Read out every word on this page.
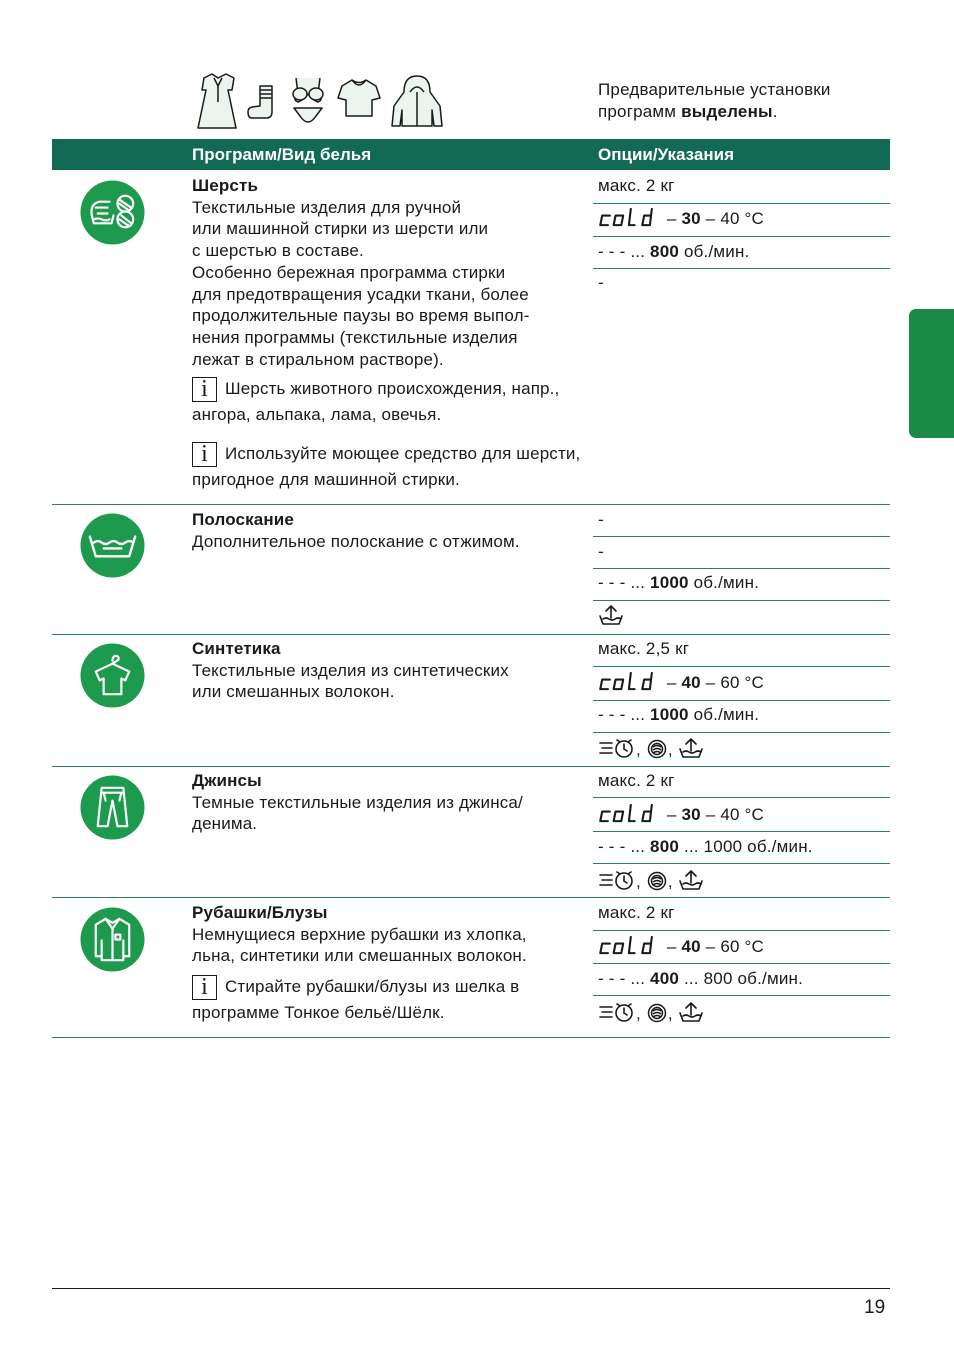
Предварительные установки
программ выделены.
Программ/Вид белья	Опции/Указания
Шерсть
Текстильные изделия для ручной
или машинной стирки из шерсти или
с шерстью в составе.
Особенно бережная программа стирки
для предотвращения усадки ткани, более
продолжительные паузы во время выпол-
нения программы (текстильные изделия
лежат в стиральном растворе).
i Шерсть животного происхождения, напр., ангора, альпака, лама, овечья.
i Используйте моющее средство для шерсти, пригодное для машинной стирки.
макс. 2 кг
– 30 – 40 °C
- - - ... 800 об./мин.
-
Полоскание
Дополнительное полоскание с отжимом.
-
-
- - - ... 1000 об./мин.
Синтетика
Текстильные изделия из синтетических
или смешанных волокон.
макс. 2,5 кг
– 40 – 60 °C
- - - ... 1000 об./мин.
, ,
Джинсы
Темные текстильные изделия из джинса/
денима.
макс. 2 кг
– 30 – 40 °C
- - - ... 800 ... 1000 об./мин.
, ,
Рубашки/Блузы
Немнущиеся верхние рубашки из хлопка,
льна, синтетики или смешанных волокон.
i Стирайте рубашки/блузы из шелка в программе Тонкое бельё/Шёлк.
макс. 2 кг
– 40 – 60 °C
- - - ... 400 ... 800 об./мин.
, ,
19
